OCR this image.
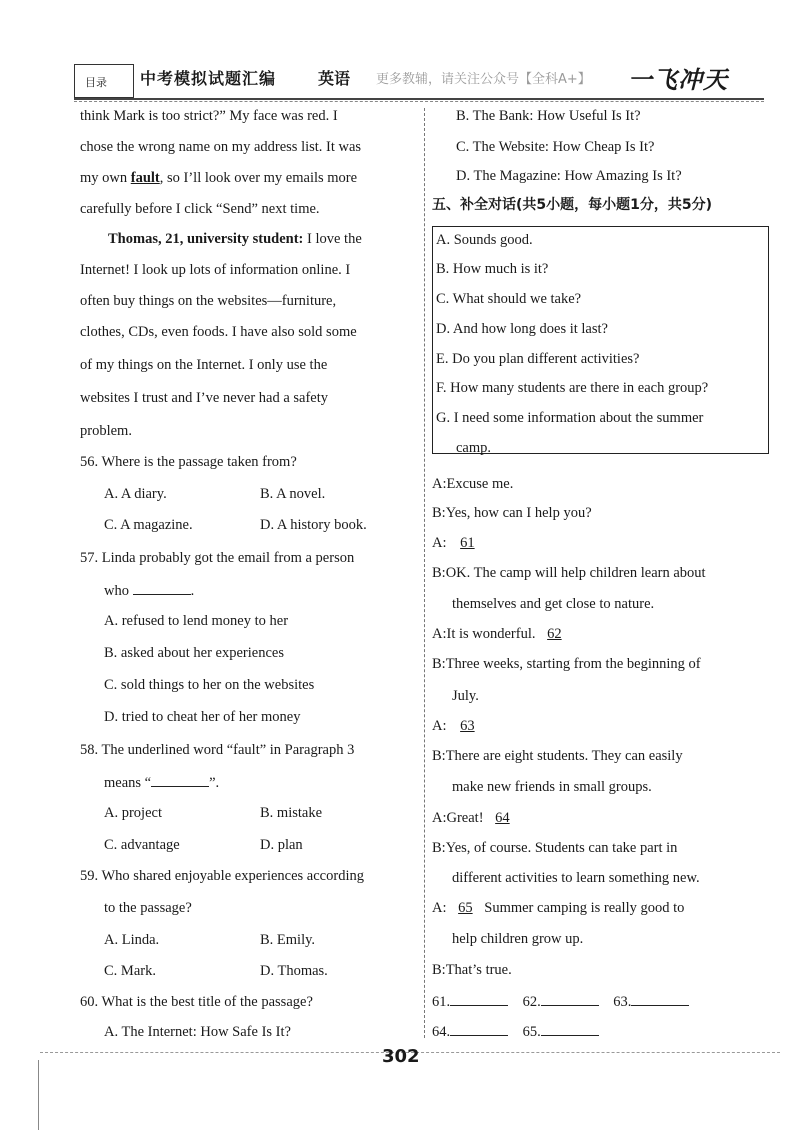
目录 中考模拟试题汇编	英语 更多教辅，请关注公众号【全科A+】 一飞冲天
think Mark is too strict?” My face was red. I
chose the wrong name on my address list. It was
my own fault, so I’ll look over my emails more
carefully before I click “Send” next time.
Thomas, 21, university student: I love the
Internet! I look up lots of information online. I
often buy things on the websites—furniture,
clothes, CDs, even foods. I have also sold some
of my things on the Internet. I only use the
websites I trust and I’ve never had a safety
problem.
56. Where is the passage taken from?
A. A diary.	B. A novel.
C. A magazine.	D. A history book.
57. Linda probably got the email from a person
who	.
A. refused to lend money to her
B. asked about her experiences
C. sold things to her on the websites
D. tried to cheat her of her money
58. The underlined word “fault” in Paragraph 3
means “	”.
A. project	B. mistake
C. advantage	D. plan
59. Who shared enjoyable experiences according
to the passage?
A. Linda.	B. Emily.
C. Mark.	D. Thomas.
60. What is the best title of the passage?
A. The Internet: How Safe Is It?
B. The Bank: How Useful Is It?
C. The Website: How Cheap Is It?
D. The Magazine: How Amazing Is It?
五、补全对话(共5小题，每小题1分，共5分)
A. Sounds good.
B. How much is it?
C. What should we take?
D. And how long does it last?
E. Do you plan different activities?
F. How many students are there in each group?
G. I need some information about the summer
camp.
A:Excuse me.
B:Yes, how can I help you?
A: 61
B:OK. The camp will help children learn about
themselves and get close to nature.
A:It is wonderful. 62
B:Three weeks, starting from the beginning of
July.
A: 63
B:There are eight students. They can easily
make new friends in small groups.
A:Great! 64
B:Yes, of course. Students can take part in
different activities to learn something new.
A: 65 Summer camping is really good to
help children grow up.
B:That’s true.
61.	62.	63.
64.	65.
302
